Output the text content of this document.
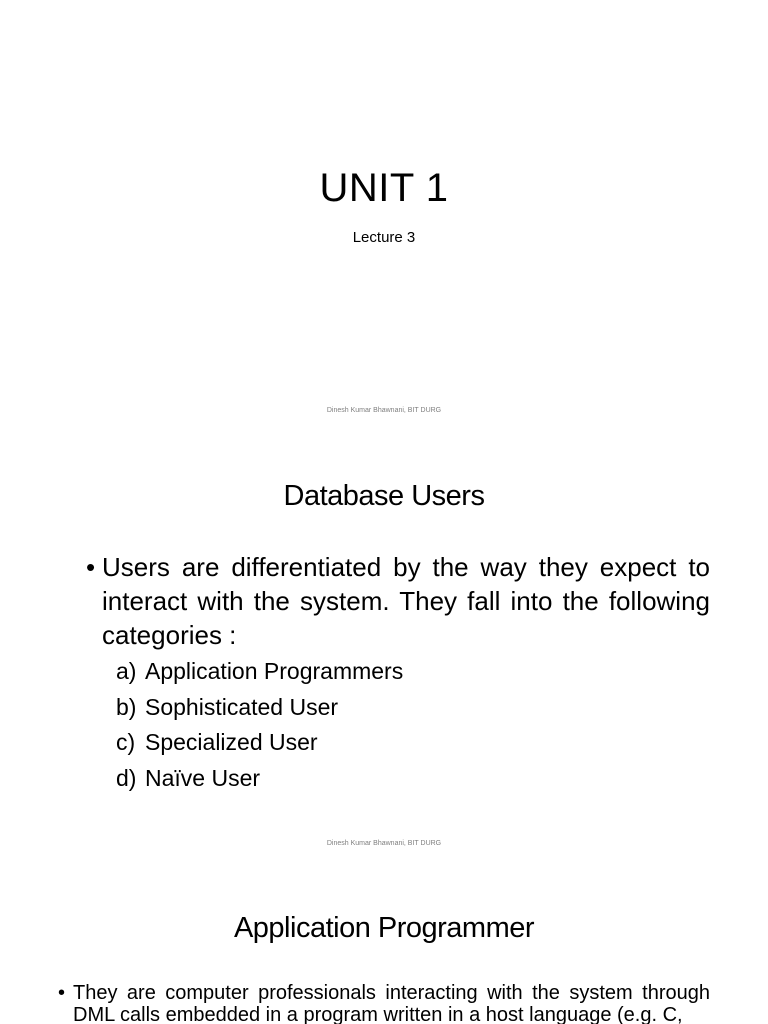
UNIT 1
Lecture 3
Dinesh Kumar Bhawnani, BIT DURG
Database Users
• Users are differentiated by the way they expect to interact with the system. They fall into the following categories :
a) Application Programmers
b) Sophisticated User
c) Specialized User
d) Naïve User
Dinesh Kumar Bhawnani, BIT DURG
Application Programmer
• They are computer professionals interacting with the system through DML calls embedded in a program written in a host language (e.g. C,
